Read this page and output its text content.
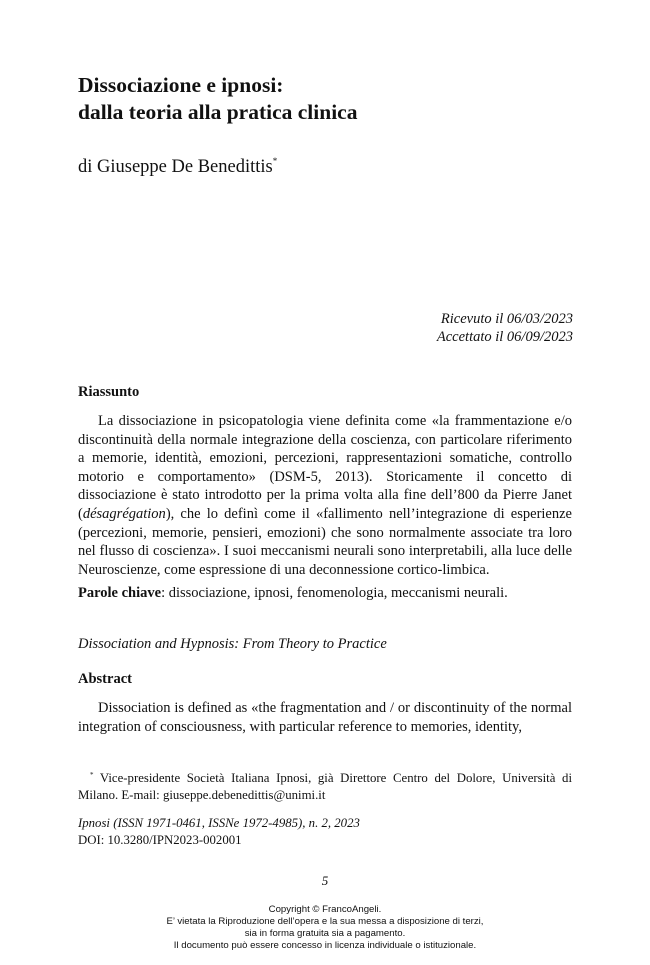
Dissociazione e ipnosi:
dalla teoria alla pratica clinica
di Giuseppe De Benedittis*
Ricevuto il 06/03/2023
Accettato il 06/09/2023
Riassunto
La dissociazione in psicopatologia viene definita come «la frammentazione e/o discontinuità della normale integrazione della coscienza, con particolare riferimento a memorie, identità, emozioni, percezioni, rappresentazioni somatiche, controllo motorio e comportamento» (DSM-5, 2013). Storicamente il concetto di dissociazione è stato introdotto per la prima volta alla fine dell’800 da Pierre Janet (désagrégation), che lo definì come il «fallimento nell’integrazione di esperienze (percezioni, memorie, pensieri, emozioni) che sono normalmente associate tra loro nel flusso di coscienza». I suoi meccanismi neurali sono interpretabili, alla luce delle Neuroscienze, come espressione di una deconnessione cortico-limbica.
Parole chiave: dissociazione, ipnosi, fenomenologia, meccanismi neurali.
Dissociation and Hypnosis: From Theory to Practice
Abstract
Dissociation is defined as «the fragmentation and / or discontinuity of the normal integration of consciousness, with particular reference to memories, identity,
* Vice-presidente Società Italiana Ipnosi, già Direttore Centro del Dolore, Università di Milano. E-mail: giuseppe.debenedittis@unimi.it
Ipnosi (ISSN 1971-0461, ISSNe 1972-4985), n. 2, 2023
DOI: 10.3280/IPN2023-002001
5
Copyright © FrancoAngeli.
E’ vietata la Riproduzione dell’opera e la sua messa a disposizione di terzi,
sia in forma gratuita sia a pagamento.
Il documento può essere concesso in licenza individuale o istituzionale.
